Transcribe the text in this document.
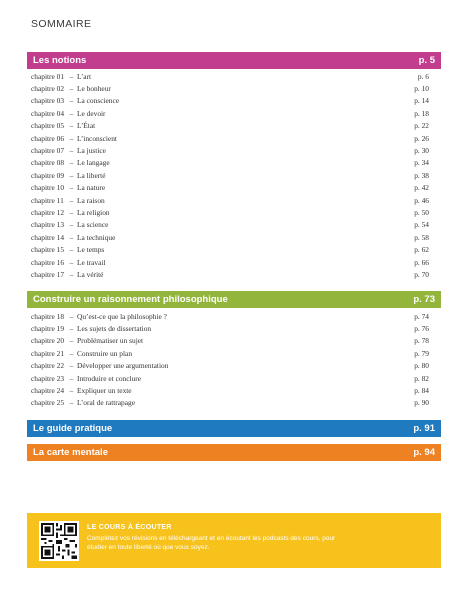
SOMMAIRE
Les notions	p. 5
chapitre 01 – L’art	p. 6
chapitre 02 – Le bonheur	p. 10
chapitre 03 – La conscience	p. 14
chapitre 04 – Le devoir	p. 18
chapitre 05 – L’État	p. 22
chapitre 06 – L’inconscient	p. 26
chapitre 07 – La justice	p. 30
chapitre 08 – Le langage	p. 34
chapitre 09 – La liberté	p. 38
chapitre 10 – La nature	p. 42
chapitre 11 – La raison	p. 46
chapitre 12 – La religion	p. 50
chapitre 13 – La science	p. 54
chapitre 14 – La technique	p. 58
chapitre 15 – Le temps	p. 62
chapitre 16 – Le travail	p. 66
chapitre 17 – La vérité	p. 70
Construire un raisonnement philosophique	p. 73
chapitre 18 – Qu’est-ce que la philosophie ?	p. 74
chapitre 19 – Les sujets de dissertation	p. 76
chapitre 20 – Problématiser un sujet	p. 78
chapitre 21 – Construire un plan	p. 79
chapitre 22 – Développer une argumentation	p. 80
chapitre 23 – Introduire et conclure	p. 82
chapitre 24 – Expliquer un texte	p. 84
chapitre 25 – L’oral de rattrapage	p. 90
Le guide pratique	p. 91
La carte mentale	p. 94
LE COURS À ÉCOUTER
Complétez vos révisions en téléchargeant et en écoutant les podcasts des cours, pour étudier en toute liberté où que vous soyez.
